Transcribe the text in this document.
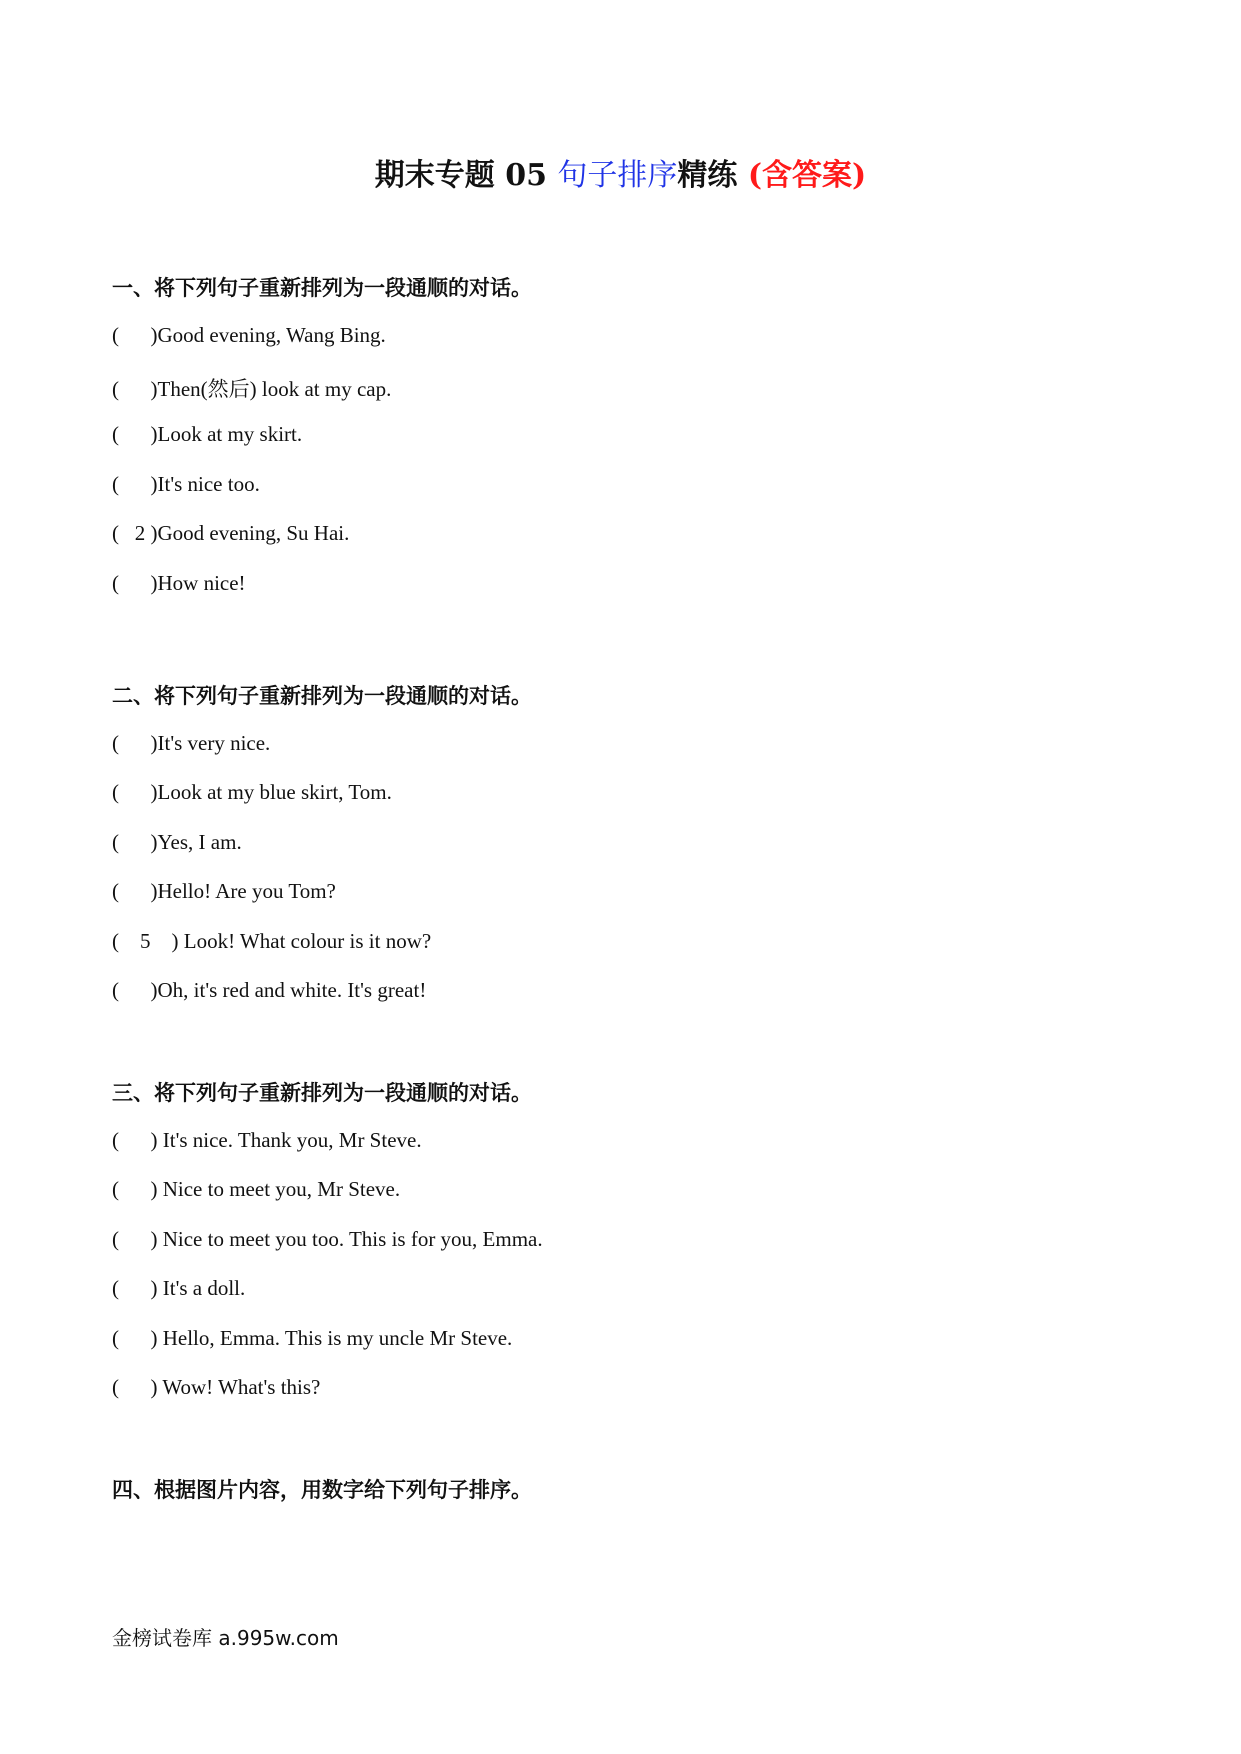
期末专题 05 句子排序精练 (含答案)
一、将下列句子重新排列为一段通顺的对话。
(      )Good evening, Wang Bing.
(      )Then(然后) look at my cap.
(      )Look at my skirt.
(      )It's nice too.
(   2 )Good evening, Su Hai.
(      )How nice!
二、将下列句子重新排列为一段通顺的对话。
(      )It's very nice.
(      )Look at my blue skirt, Tom.
(      )Yes, I am.
(      )Hello! Are you Tom?
(    5    ) Look! What colour is it now?
(      )Oh, it's red and white. It's great!
三、将下列句子重新排列为一段通顺的对话。
(      ) It's nice. Thank you, Mr Steve.
(      ) Nice to meet you, Mr Steve.
(      ) Nice to meet you too. This is for you, Emma.
(      ) It's a doll.
(      ) Hello, Emma. This is my uncle Mr Steve.
(      ) Wow! What's this?
四、根据图片内容，用数字给下列句子排序。
金榜试卷库 a.995w.com
